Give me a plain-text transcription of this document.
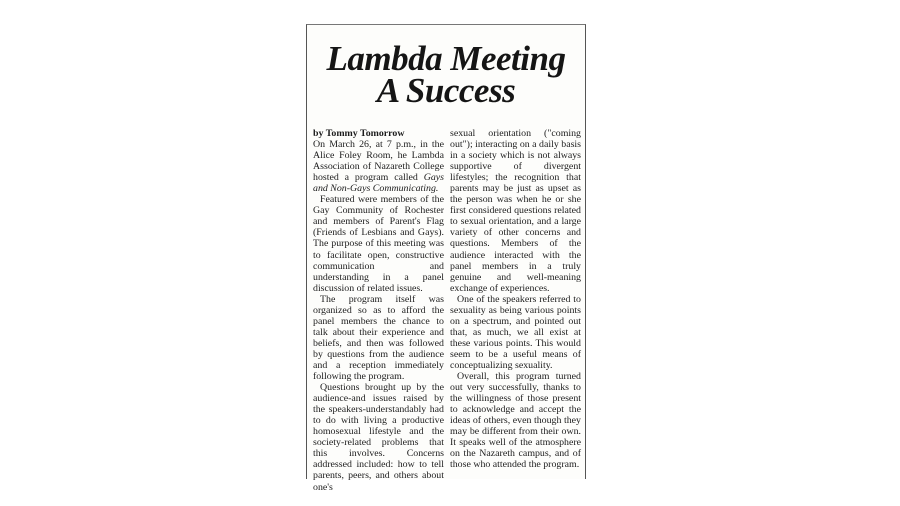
Lambda Meeting
A Success
by Tommy Tomorrow

On March 26, at 7 p.m., in the Alice Foley Room, he Lambda Association of Nazareth College hosted a program called Gays and Non-Gays Communicating.

Featured were members of the Gay Community of Rochester and members of Parent's Flag (Friends of Lesbians and Gays). The purpose of this meeting was to facilitate open, constructive communication and understanding in a panel discussion of related issues.

The program itself was organized so as to afford the panel members the chance to talk about their experience and beliefs, and then was followed by questions from the audience and a reception immediately following the program.

Questions brought up by the audience-and issues raised by the speakers-understandably had to do with living a productive homosexual lifestyle and the society-related problems that this involves. Concerns addressed included: how to tell parents, peers, and others about one's

sexual orientation ("coming out"); interacting on a daily basis in a society which is not always supportive of divergent lifestyles; the recognition that parents may be just as upset as the person was when he or she first considered questions related to sexual orientation, and a large variety of other concerns and questions. Members of the audience interacted with the panel members in a truly genuine and well-meaning exchange of experiences.

One of the speakers referred to sexuality as being various points on a spectrum, and pointed out that, as much, we all exist at these various points. This would seem to be a useful means of conceptualizing sexuality.

Overall, this program turned out very successfully, thanks to the willingness of those present to acknowledge and accept the ideas of others, even though they may be different from their own. It speaks well of the atmosphere on the Nazareth campus, and of those who attended the program.
